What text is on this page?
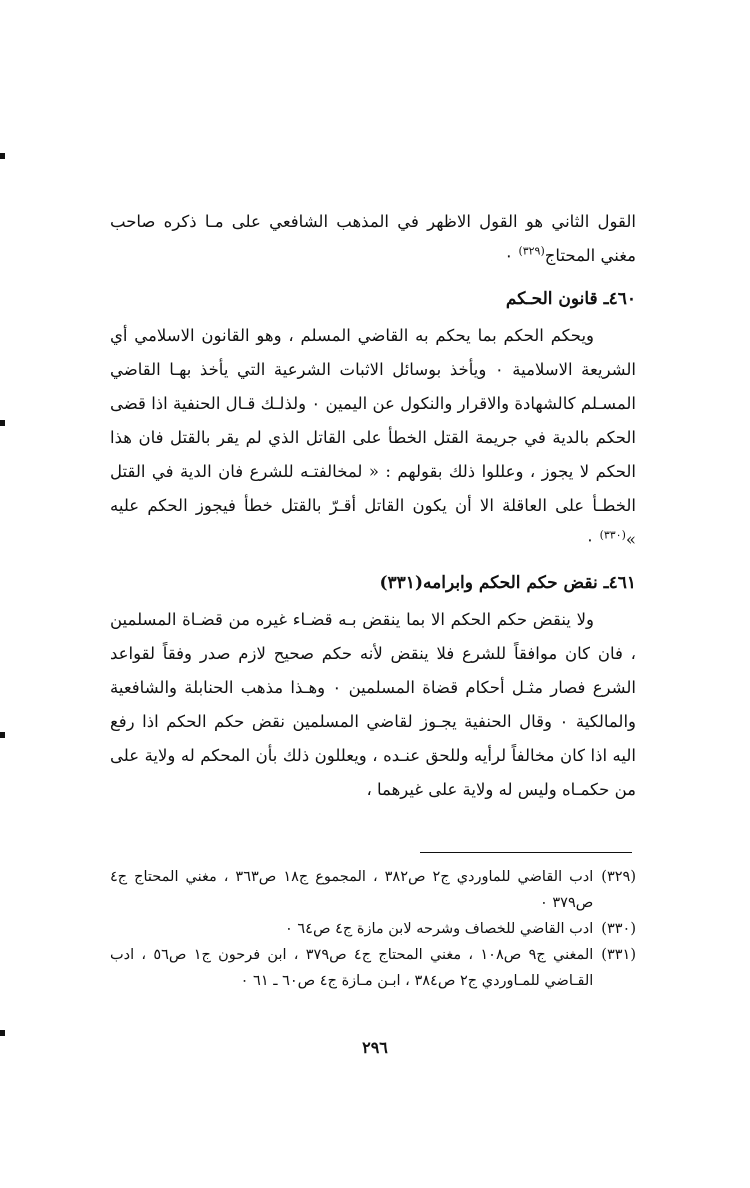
القول الثاني هو القول الاظهر في المذهب الشافعي على مـا ذكره صاحب مغني المحتاج$^{(٣٢٩)}$ ٠

٤٦٠ـ قانون الحـكم

ويحكم الحكم بما يحكم به القاضي المسلم ، وهو القانون الاسلامي أي الشريعة الاسلامية ٠ ويأخذ بوسائل الاثبات الشرعية التي يأخذ بهـا القاضي المسـلم كالشهادة والاقرار والنكول عن اليمين ٠ ولذلـك قـال الحنفية اذا قضى الحكم بالدية في جريمة القتل الخطأ على القاتل الذي لم يقر بالقتل فان هذا الحكم لا يجوز ، وعللوا ذلك بقولهم : « لمخالفتـه للشرع فان الدية في القتل الخطـأ على العاقلة الا أن يكون القاتل أقـرّ بالقتل خطأ فيجوز الحكم عليه »$^{(٣٣٠)}$ ٠

٤٦١ـ نقض حكم الحكم وابرامه(٣٣١)

ولا ينقض حكم الحكم الا بما ينقض بـه قضـاء غيره من قضـاة المسلمين ، فان كان موافقاً للشرع فلا ينقض لأنه حكم صحيح لازم صدر وفقاً لقواعد الشرع فصار مثـل أحكام قضاة المسلمين ٠ وهـذا مذهب الحنابلة والشافعية والمالكية ٠ وقال الحنفية يجـوز لقاضي المسلمين نقض حكم الحكم اذا رفع اليه اذا كان مخالفاً لرأيه وللحق عنـده ، ويعللون ذلك بأن المحكم له ولاية على من حكمـاه وليس له ولاية على غيرهما ،

(٣٢٩)
ادب القاضي للماوردي ج٢ ص٣٨٢ ، المجموع ج١٨ ص٣٦٣ ، مغني المحتاج ج٤ ص٣٧٩ ٠
(٣٣٠)
ادب القاضي للخصاف وشرحه لابن مازة ج٤ ص٦٤ ٠
(٣٣١)
المغني ج٩ ص١٠٨ ، مغني المحتاج ج٤ ص٣٧٩ ، ابن فرحون ج١ ص٥٦ ، ادب القـاضي للمـاوردي ج٢ ص٣٨٤ ، ابـن مـازة ج٤ ص٦٠ ـ ٦١ ٠
٢٩٦
